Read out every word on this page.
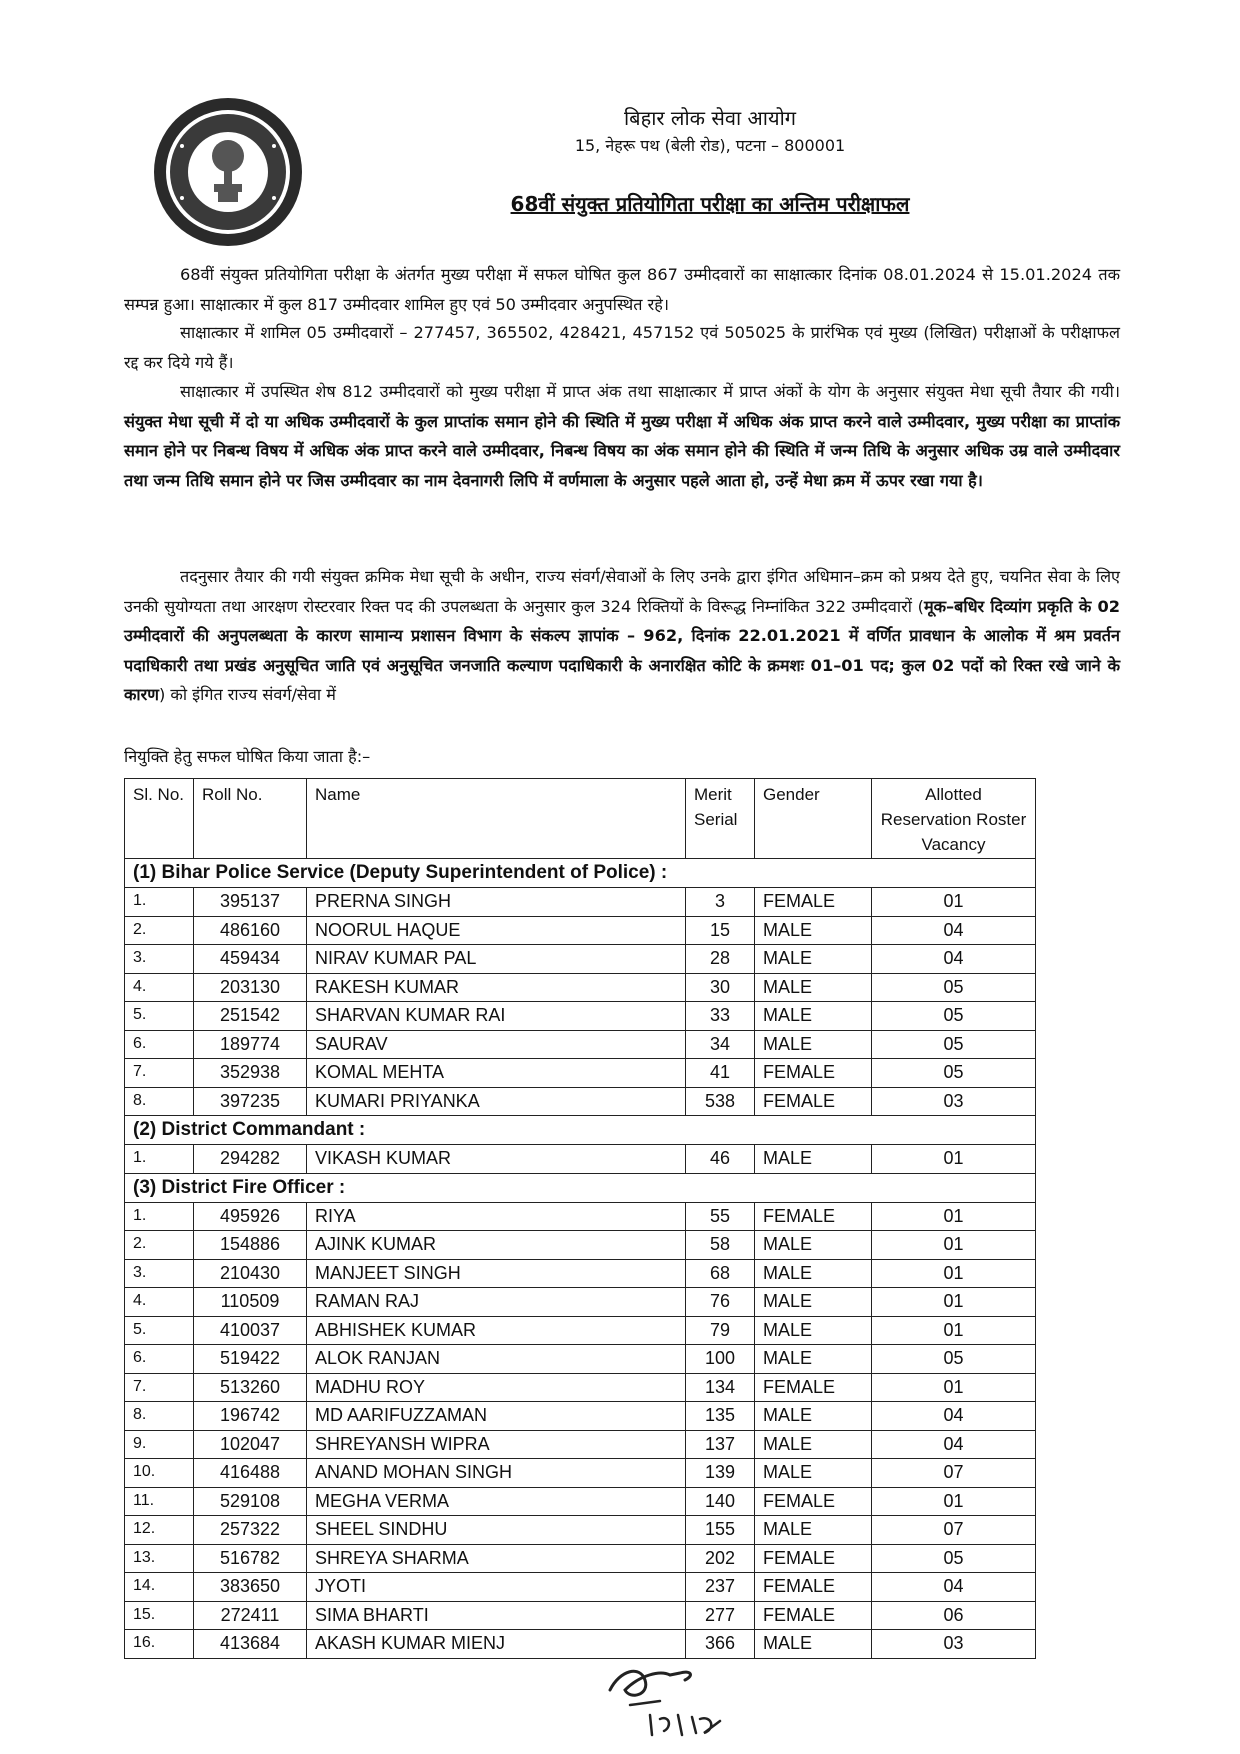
बिहार लोक सेवा आयोग
15, नेहरू पथ (बेली रोड), पटना – 800001
68वीं संयुक्त प्रतियोगिता परीक्षा का अन्तिम परीक्षाफल

68वीं संयुक्त प्रतियोगिता परीक्षा के अंतर्गत मुख्य परीक्षा में सफल घोषित कुल 867 उम्मीदवारों का साक्षात्कार दिनांक 08.01.2024 से 15.01.2024 तक सम्पन्न हुआ। साक्षात्कार में कुल 817 उम्मीदवार शामिल हुए एवं 50 उम्मीदवार अनुपस्थित रहे।

साक्षात्कार में शामिल 05 उम्मीदवारों – 277457, 365502, 428421, 457152 एवं 505025 के प्रारंभिक एवं मुख्य (लिखित) परीक्षाओं के परीक्षाफल रद्द कर दिये गये हैं।

साक्षात्कार में उपस्थित शेष 812 उम्मीदवारों को मुख्य परीक्षा में प्राप्त अंक तथा साक्षात्कार में प्राप्त अंकों के योग के अनुसार संयुक्त मेधा सूची तैयार की गयी। संयुक्त मेधा सूची में दो या अधिक उम्मीदवारों के कुल प्राप्तांक समान होने की स्थिति में मुख्य परीक्षा में अधिक अंक प्राप्त करने वाले उम्मीदवार, मुख्य परीक्षा का प्राप्तांक समान होने पर निबन्ध विषय में अधिक अंक प्राप्त करने वाले उम्मीदवार, निबन्ध विषय का अंक समान होने की स्थिति में जन्म तिथि के अनुसार अधिक उम्र वाले उम्मीदवार तथा जन्म तिथि समान होने पर जिस उम्मीदवार का नाम देवनागरी लिपि में वर्णमाला के अनुसार पहले आता हो, उन्हें मेधा क्रम में ऊपर रखा गया है।

तदनुसार तैयार की गयी संयुक्त क्रमिक मेधा सूची के अधीन, राज्य संवर्ग/सेवाओं के लिए उनके द्वारा इंगित अधिमान–क्रम को प्रश्रय देते हुए, चयनित सेवा के लिए उनकी सुयोग्यता तथा आरक्षण रोस्टरवार रिक्त पद की उपलब्धता के अनुसार कुल 324 रिक्तियों के विरूद्ध निम्नांकित 322 उम्मीदवारों (मूक–बधिर दिव्यांग प्रकृति के 02 उम्मीदवारों की अनुपलब्धता के कारण सामान्य प्रशासन विभाग के संकल्प ज्ञापांक – 962, दिनांक 22.01.2021 में वर्णित प्रावधान के आलोक में श्रम प्रवर्तन पदाधिकारी तथा प्रखंड अनुसूचित जाति एवं अनुसूचित जनजाति कल्याण पदाधिकारी के अनारक्षित कोटि के क्रमशः 01–01 पद; कुल 02 पदों को रिक्त रखे जाने के कारण) को इंगित राज्य संवर्ग/सेवा में

नियुक्ति हेतु सफल घोषित किया जाता है:–
Sl. No.	Roll No.	Name	Merit Serial	Gender	Allotted Reservation Roster Vacancy
(1) Bihar Police Service (Deputy Superintendent of Police) :					
1.	395137	PRERNA SINGH	3	FEMALE	01
2.	486160	NOORUL HAQUE	15	MALE	04
3.	459434	NIRAV KUMAR PAL	28	MALE	04
4.	203130	RAKESH KUMAR	30	MALE	05
5.	251542	SHARVAN KUMAR RAI	33	MALE	05
6.	189774	SAURAV	34	MALE	05
7.	352938	KOMAL MEHTA	41	FEMALE	05
8.	397235	KUMARI PRIYANKA	538	FEMALE	03
(2) District Commandant :					
1.	294282	VIKASH KUMAR	46	MALE	01
(3) District Fire Officer :					
1.	495926	RIYA	55	FEMALE	01
2.	154886	AJINK KUMAR	58	MALE	01
3.	210430	MANJEET SINGH	68	MALE	01
4.	110509	RAMAN RAJ	76	MALE	01
5.	410037	ABHISHEK KUMAR	79	MALE	01
6.	519422	ALOK RANJAN	100	MALE	05
7.	513260	MADHU ROY	134	FEMALE	01
8.	196742	MD AARIFUZZAMAN	135	MALE	04
9.	102047	SHREYANSH WIPRA	137	MALE	04
10.	416488	ANAND MOHAN SINGH	139	MALE	07
11.	529108	MEGHA VERMA	140	FEMALE	01
12.	257322	SHEEL SINDHU	155	MALE	07
13.	516782	SHREYA SHARMA	202	FEMALE	05
14.	383650	JYOTI	237	FEMALE	04
15.	272411	SIMA BHARTI	277	FEMALE	06
16.	413684	AKASH KUMAR MIENJ	366	MALE	03
